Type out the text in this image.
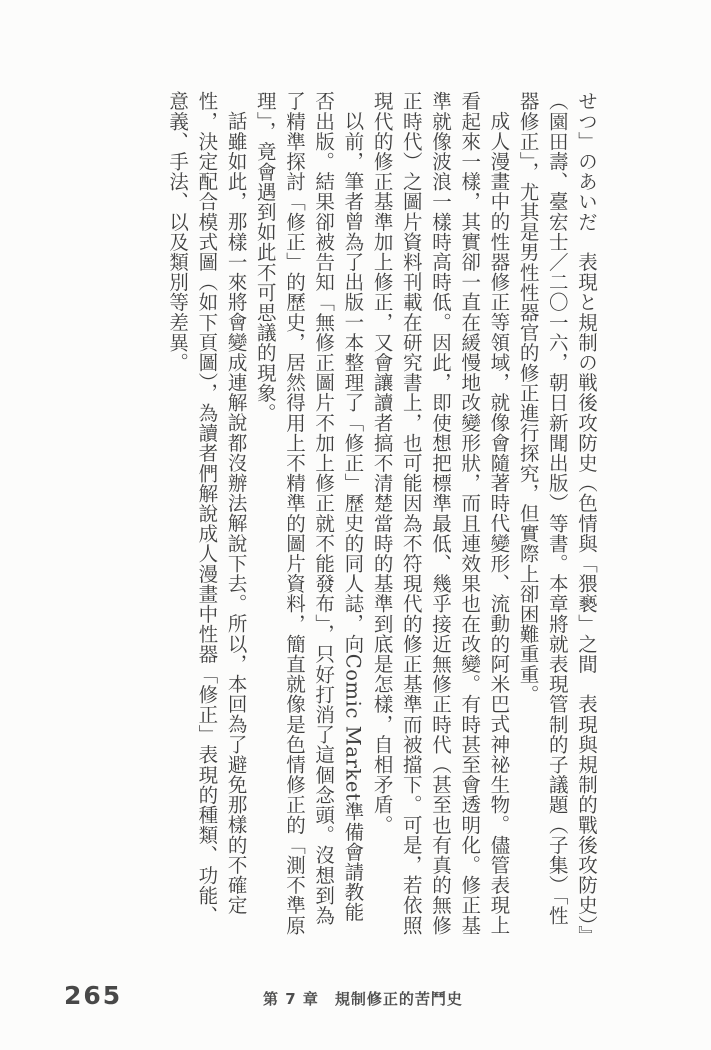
せつ」のあいだ　表現と規制の戦後攻防史（色情與「猥褻」之間　表現與規制的戰後攻防史）』（園田壽、臺宏士／二〇一六，朝日新聞出版）等書。本章將就表現管制的子議題（子集）「性器修正」，尤其是男性性器官的修正進行探究，但實際上卻困難重重。

成人漫畫中的性器修正等領域，就像會隨著時代變形、流動的阿米巴式神祕生物。儘管表現上看起來一樣，其實卻一直在緩慢地改變形狀，而且連效果也在改變。有時甚至會透明化。修正基準就像波浪一樣時高時低。因此，即使想把標準最低、幾乎接近無修正時代（甚至也有真的無修正時代）之圖片資料刊載在研究書上，也可能因為不符現代的修正基準而被擋下。可是，若依照現代的修正基準加上修正，又會讓讀者搞不清楚當時的基準到底是怎樣，自相矛盾。

以前，筆者曾為了出版一本整理了「修正」歷史的同人誌，向Comic Market準備會請教能否出版。結果卻被告知「無修正圖片不加上修正就不能發布」，只好打消了這個念頭。沒想到為了精準探討「修正」的歷史，居然得用上不精準的圖片資料，簡直就像是色情修正的「測不準原理」，竟會遇到如此不可思議的現象。

話雖如此，那樣一來將會變成連解說都沒辦法解說下去。所以，本回為了避免那樣的不確定性，決定配合模式圖（如下頁圖），為讀者們解說成人漫畫中性器「修正」表現的種類、功能、意義、手法、以及類別等差異。

265	第 7 章　規制修正的苦鬥史
